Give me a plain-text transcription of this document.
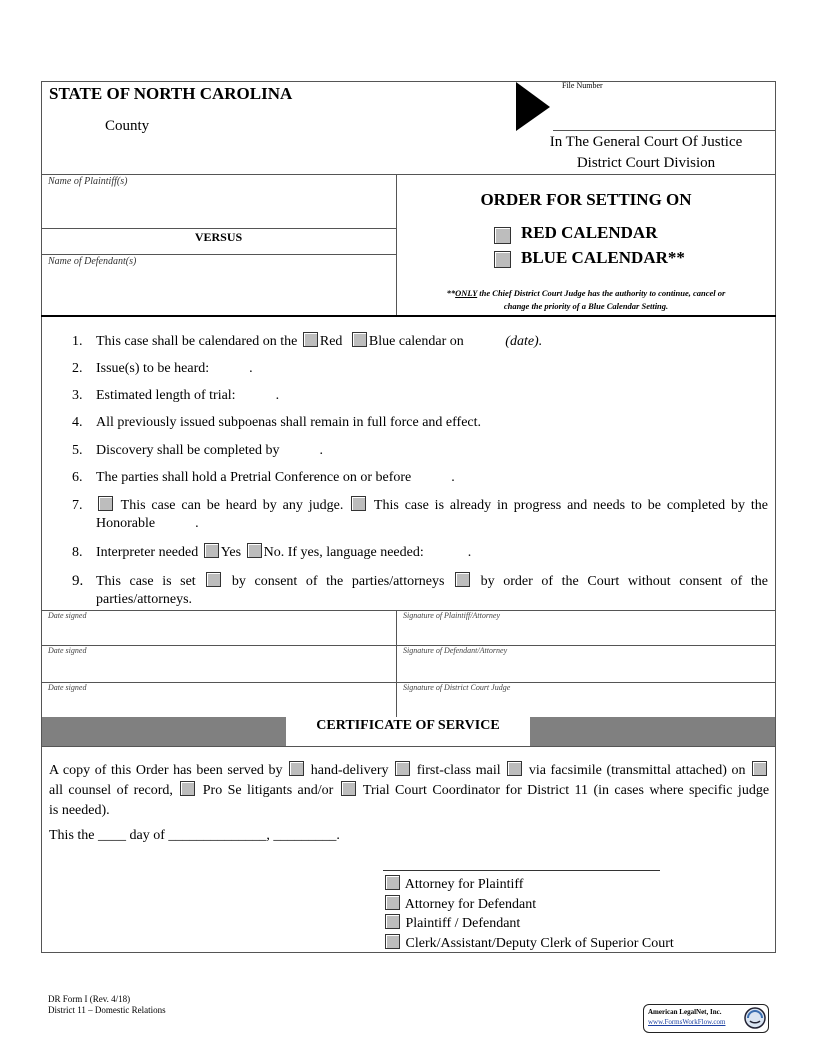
STATE OF NORTH CAROLINA
County
File Number
In The General Court Of Justice
District Court Division
Name of Plaintiff(s)
VERSUS
Name of Defendant(s)
ORDER FOR SETTING ON
RED CALENDAR
BLUE CALENDAR**
**ONLY the Chief District Court Judge has the authority to continue, cancel or
change the priority of a Blue Calendar Setting.
1. This case shall be calendared on the Red Blue calendar on	(date).
2. Issue(s) to be heard:	.
3. Estimated length of trial:	.
4. All previously issued subpoenas shall remain in full force and effect.
5. Discovery shall be completed by	.
6. The parties shall hold a Pretrial Conference on or before	.
7.	This case can be heard by any judge. This case is already in progress and needs to be completed by the
Honorable	.
8. Interpreter needed Yes No. If yes, language needed:	.
9. This case is set	by consent of the parties/attorneys	by order of the Court without consent of the
parties/attorneys.
Date signed	Signature of Plaintiff/Attorney
Date signed	Signature of Defendant/Attorney
Date signed	Signature of District Court Judge
CERTIFICATE OF SERVICE
A copy of this Order has been served by hand-delivery first-class mail via facsimile (transmittal attached) on
all counsel of record, Pro Se litigants and/or Trial Court Coordinator for District 11 (in cases where specific judge
is needed).
This the ____ day of ______________, _________.
Attorney for Plaintiff
Attorney for Defendant
Plaintiff / Defendant
Clerk/Assistant/Deputy Clerk of Superior Court
DR Form I (Rev. 4/18)
District 11 – Domestic Relations	American LegalNet, Inc.
www.FormsWorkFlow.com
